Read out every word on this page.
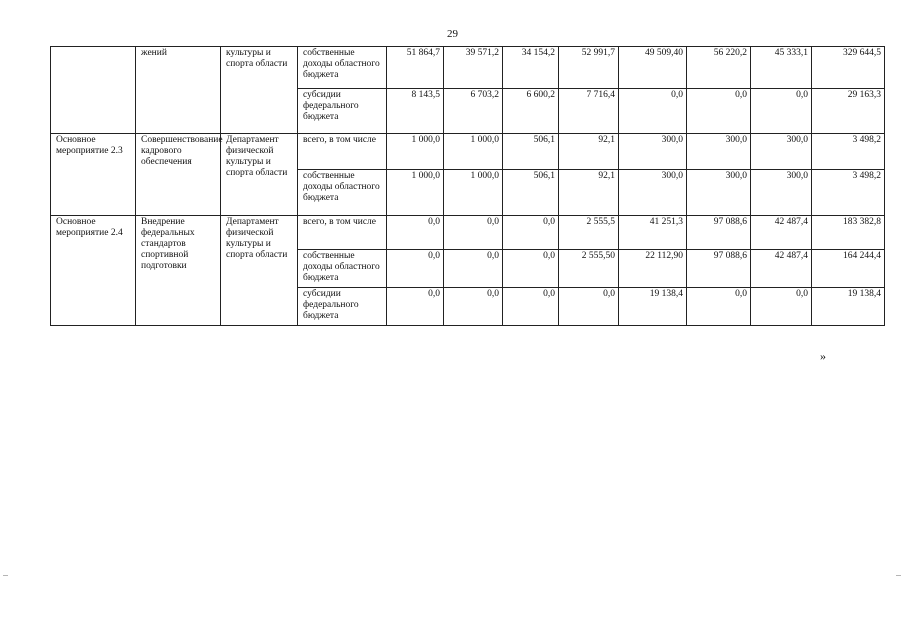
29
	жений	культуры и спорта области	собственные доходы областного бюджета	51 864,7	39 571,2	34 154,2	52 991,7	49 509,40	56 220,2	45 333,1	329 644,5
			субсидии федерального бюджета	8 143,5	6 703,2	6 600,2	7 716,4	0,0	0,0	0,0	29 163,3
Основное мероприятие 2.3	Совершенствование кадрового обеспечения	Департамент физической культуры и спорта области	всего, в том числе	1 000,0	1 000,0	506,1	92,1	300,0	300,0	300,0	3 498,2
			собственные доходы областного бюджета	1 000,0	1 000,0	506,1	92,1	300,0	300,0	300,0	3 498,2
Основное мероприятие 2.4	Внедрение федеральных стандартов спортивной подготовки	Департамент физической культуры и спорта области	всего, в том числе	0,0	0,0	0,0	2 555,5	41 251,3	97 088,6	42 487,4	183 382,8
			собственные доходы областного бюджета	0,0	0,0	0,0	2 555,50	22 112,90	97 088,6	42 487,4	164 244,4
			субсидии федерального бюджета	0,0	0,0	0,0	0,0	19 138,4	0,0	0,0	19 138,4
»
